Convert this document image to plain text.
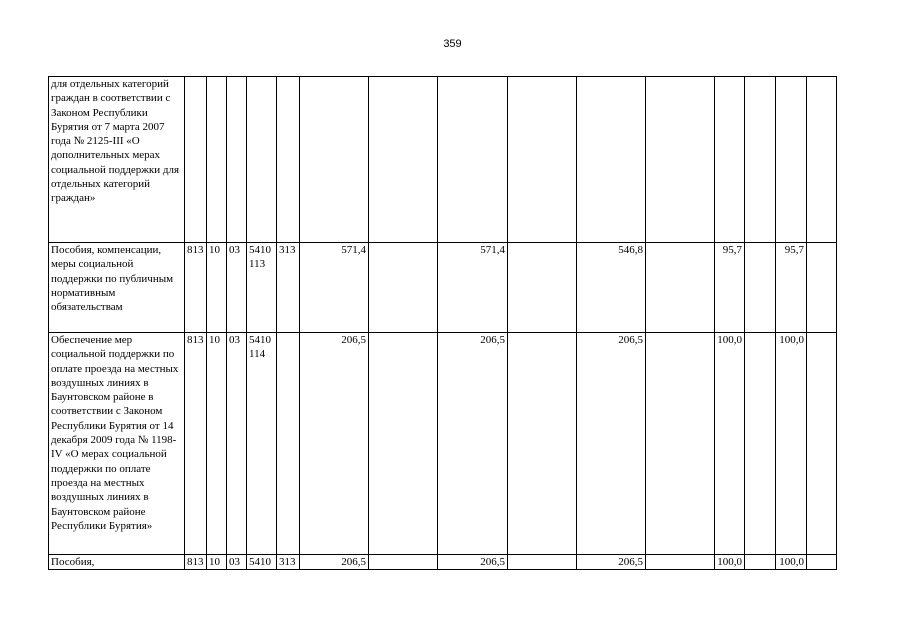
359
для отдельных категорий граждан в соответствии с Законом Республики Бурятия от 7 марта 2007 года № 2125-III «О дополнительных мерах социальной поддержки для отдельных категорий граждан»															
Пособия, компенсации, меры социальной поддержки по публичным нормативным обязательствам	813	10	03	5410 113	313	571,4		571,4		546,8		95,7		95,7	
Обеспечение мер социальной поддержки по оплате проезда на местных воздушных линиях в Баунтовском районе в соответствии с Законом Республики Бурятия от 14 декабря 2009 года № 1198-IV «О мерах социальной поддержки по оплате проезда на местных воздушных линиях в Баунтовском районе Республики Бурятия»	813	10	03	5410 114		206,5		206,5		206,5		100,0		100,0	
Пособия,	813	10	03	5410	313	206,5		206,5		206,5		100,0		100,0	
